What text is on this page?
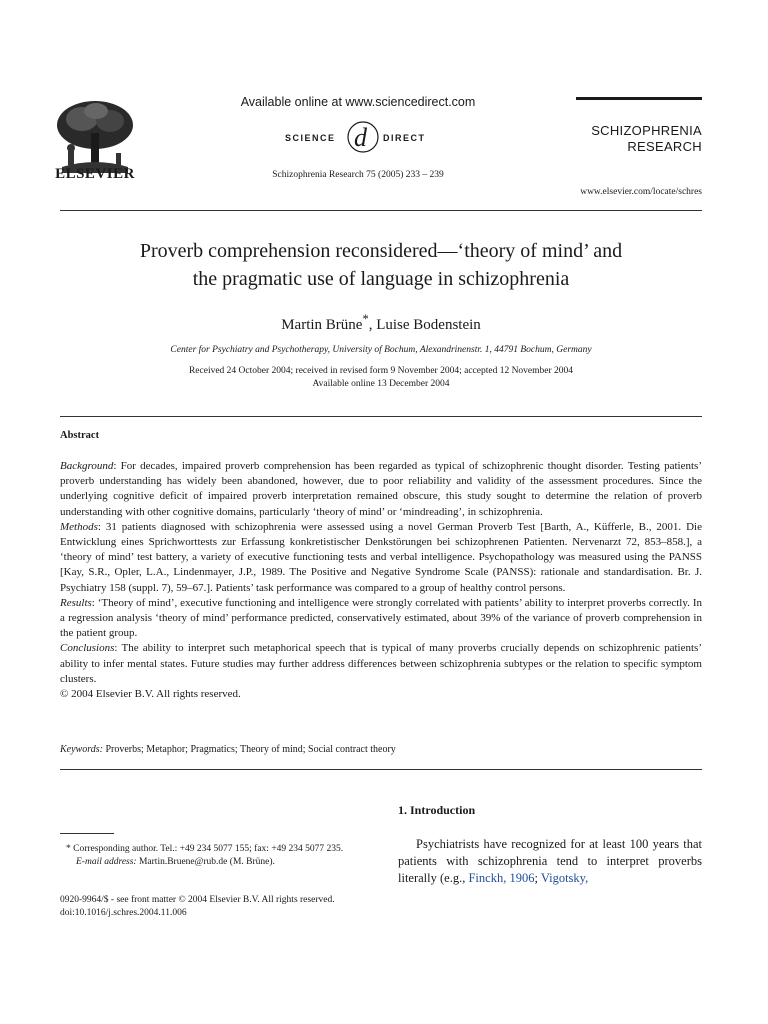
ELSEVIER
Available online at www.sciencedirect.com
SCIENCE d DIRECT
Schizophrenia Research 75 (2005) 233 – 239
SCHIZOPHRENIA
RESEARCH
www.elsevier.com/locate/schres
Proverb comprehension reconsidered—‘theory of mind’ and
the pragmatic use of language in schizophrenia
Martin Brüne*, Luise Bodenstein
Center for Psychiatry and Psychotherapy, University of Bochum, Alexandrinenstr. 1, 44791 Bochum, Germany
Received 24 October 2004; received in revised form 9 November 2004; accepted 12 November 2004
Available online 13 December 2004
Abstract

Background: For decades, impaired proverb comprehension has been regarded as typical of schizophrenic thought disorder. Testing patients’ proverb understanding has widely been abandoned, however, due to poor reliability and validity of the assessment procedures. Since the underlying cognitive deficit of impaired proverb interpretation remained obscure, this study sought to determine the relation of proverb understanding with other cognitive domains, particularly ‘theory of mind’ or ‘mindreading’, in schizophrenia.

Methods: 31 patients diagnosed with schizophrenia were assessed using a novel German Proverb Test [Barth, A., Küfferle, B., 2001. Die Entwicklung eines Sprichworttests zur Erfassung konkretistischer Denkstörungen bei schizophrenen Patienten. Nervenarzt 72, 853–858.], a ‘theory of mind’ test battery, a variety of executive functioning tests and verbal intelligence. Psychopathology was measured using the PANSS [Kay, S.R., Opler, L.A., Lindenmayer, J.P., 1989. The Positive and Negative Syndrome Scale (PANSS): rationale and standardisation. Br. J. Psychiatry 158 (suppl. 7), 59–67.]. Patients’ task performance was compared to a group of healthy control persons.

Results: ‘Theory of mind’, executive functioning and intelligence were strongly correlated with patients’ ability to interpret proverbs correctly. In a regression analysis ‘theory of mind’ performance predicted, conservatively estimated, about 39% of the variance of proverb comprehension in the patient group.

Conclusions: The ability to interpret such metaphorical speech that is typical of many proverbs crucially depends on schizophrenic patients’ ability to infer mental states. Future studies may further address differences between schizophrenia subtypes or the relation to specific symptom clusters.

© 2004 Elsevier B.V. All rights reserved.

Keywords: Proverbs; Metaphor; Pragmatics; Theory of mind; Social contract theory

* Corresponding author. Tel.: +49 234 5077 155; fax: +49 234 5077 235.

E-mail address: Martin.Bruene@rub.de (M. Brüne).

0920-9964/$ - see front matter © 2004 Elsevier B.V. All rights reserved.
doi:10.1016/j.schres.2004.11.006
1. Introduction
Psychiatrists have recognized for at least 100 years that patients with schizophrenia tend to interpret proverbs literally (e.g., Finckh, 1906; Vigotsky,
